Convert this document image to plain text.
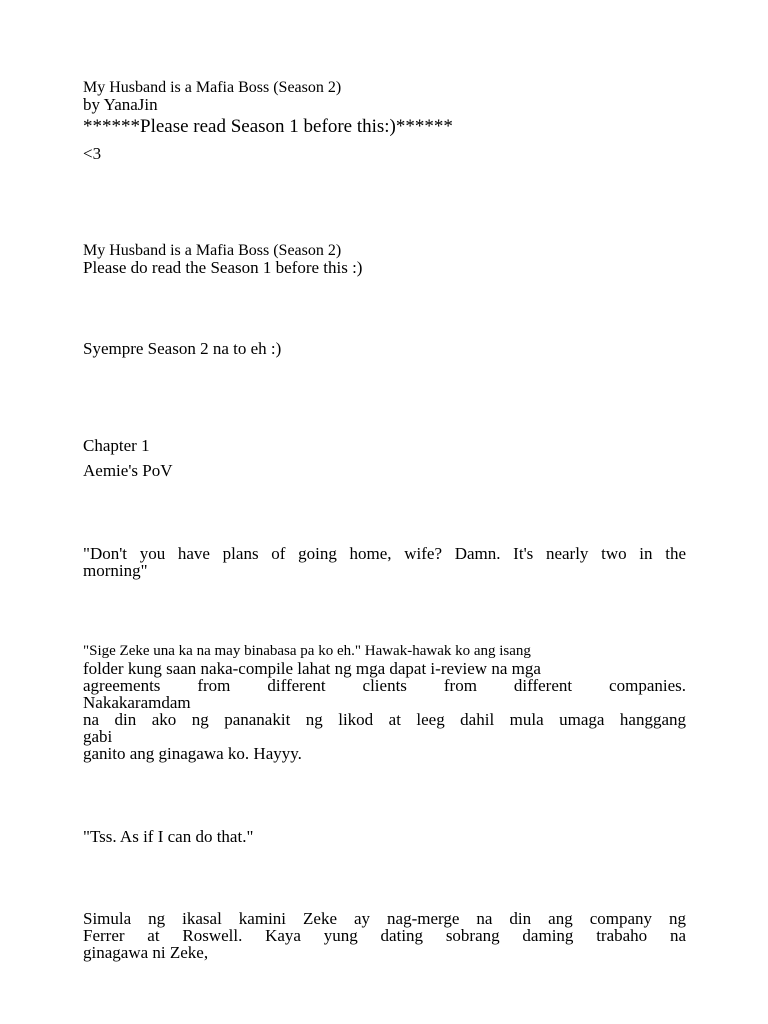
My Husband is a Mafia Boss (Season 2)

by YanaJin

******Please read Season 1 before this:)******

<3

My Husband is a Mafia Boss (Season 2)

Please do read the Season 1 before this :)

Syempre Season 2 na to eh :)

Chapter 1

Aemie's PoV

"Don't you have plans of going home, wife? Damn. It's nearly two in the
morning"
"Sige Zeke una ka na may binabasa pa ko eh." Hawak-hawak ko ang isang
folder kung saan naka-compile lahat ng mga dapat i-review na mga
agreements from different clients from different companies.
Nakakaramdam
na din ako ng pananakit ng likod at leeg dahil mula umaga hanggang
gabi
ganito ang ginagawa ko. Hayyy.

"Tss. As if I can do that."

Simula ng ikasal kamini Zeke ay nag-merge na din ang company ng
Ferrer at Roswell. Kaya yung dating sobrang daming trabaho na
ginagawa ni Zeke,
